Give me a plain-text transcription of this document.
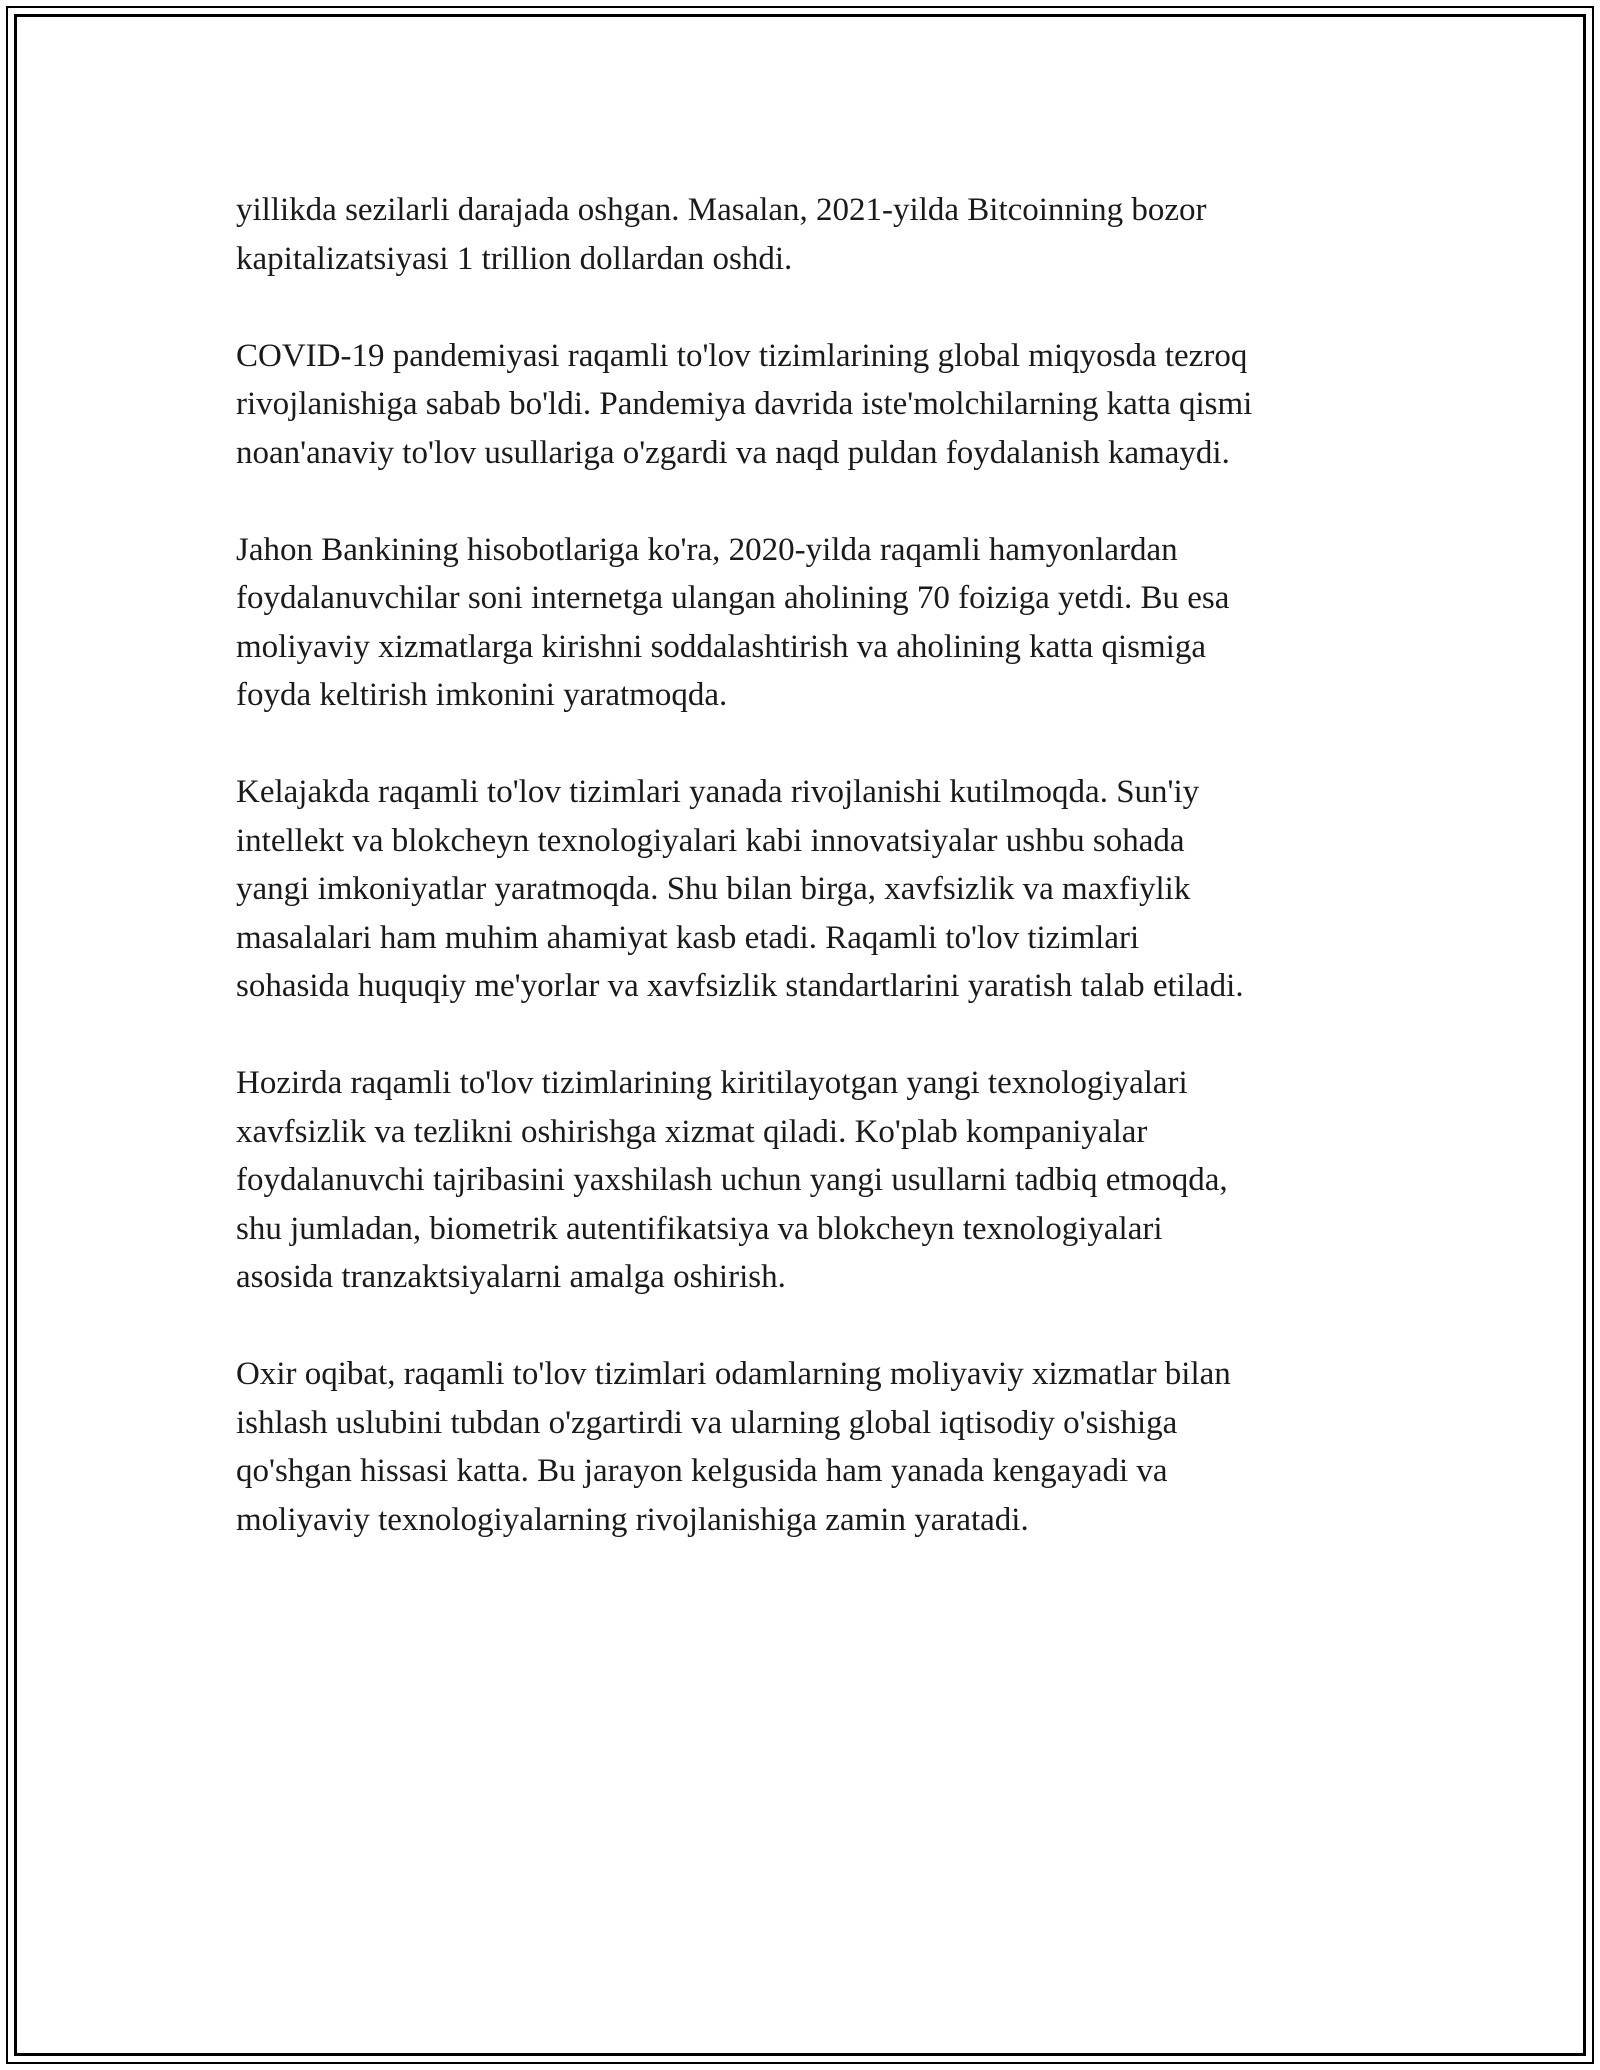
yillikda sezilarli darajada oshgan. Masalan, 2021-yilda Bitcoinning bozor
kapitalizatsiyasi 1 trillion dollardan oshdi.

COVID-19 pandemiyasi raqamli to'lov tizimlarining global miqyosda tezroq
rivojlanishiga sabab bo'ldi. Pandemiya davrida iste'molchilarning katta qismi
noan'anaviy to'lov usullariga o'zgardi va naqd puldan foydalanish kamaydi.

Jahon Bankining hisobotlariga ko'ra, 2020-yilda raqamli hamyonlardan
foydalanuvchilar soni internetga ulangan aholining 70 foiziga yetdi. Bu esa
moliyaviy xizmatlarga kirishni soddalashtirish va aholining katta qismiga
foyda keltirish imkonini yaratmoqda.

Kelajakda raqamli to'lov tizimlari yanada rivojlanishi kutilmoqda. Sun'iy
intellekt va blokcheyn texnologiyalari kabi innovatsiyalar ushbu sohada
yangi imkoniyatlar yaratmoqda. Shu bilan birga, xavfsizlik va maxfiylik
masalalari ham muhim ahamiyat kasb etadi. Raqamli to'lov tizimlari
sohasida huquqiy me'yorlar va xavfsizlik standartlarini yaratish talab etiladi.

Hozirda raqamli to'lov tizimlarining kiritilayotgan yangi texnologiyalari
xavfsizlik va tezlikni oshirishga xizmat qiladi. Ko'plab kompaniyalar
foydalanuvchi tajribasini yaxshilash uchun yangi usullarni tadbiq etmoqda,
shu jumladan, biometrik autentifikatsiya va blokcheyn texnologiyalari
asosida tranzaktsiyalarni amalga oshirish.

Oxir oqibat, raqamli to'lov tizimlari odamlarning moliyaviy xizmatlar bilan
ishlash uslubini tubdan o'zgartirdi va ularning global iqtisodiy o'sishiga
qo'shgan hissasi katta. Bu jarayon kelgusida ham yanada kengayadi va
moliyaviy texnologiyalarning rivojlanishiga zamin yaratadi.
